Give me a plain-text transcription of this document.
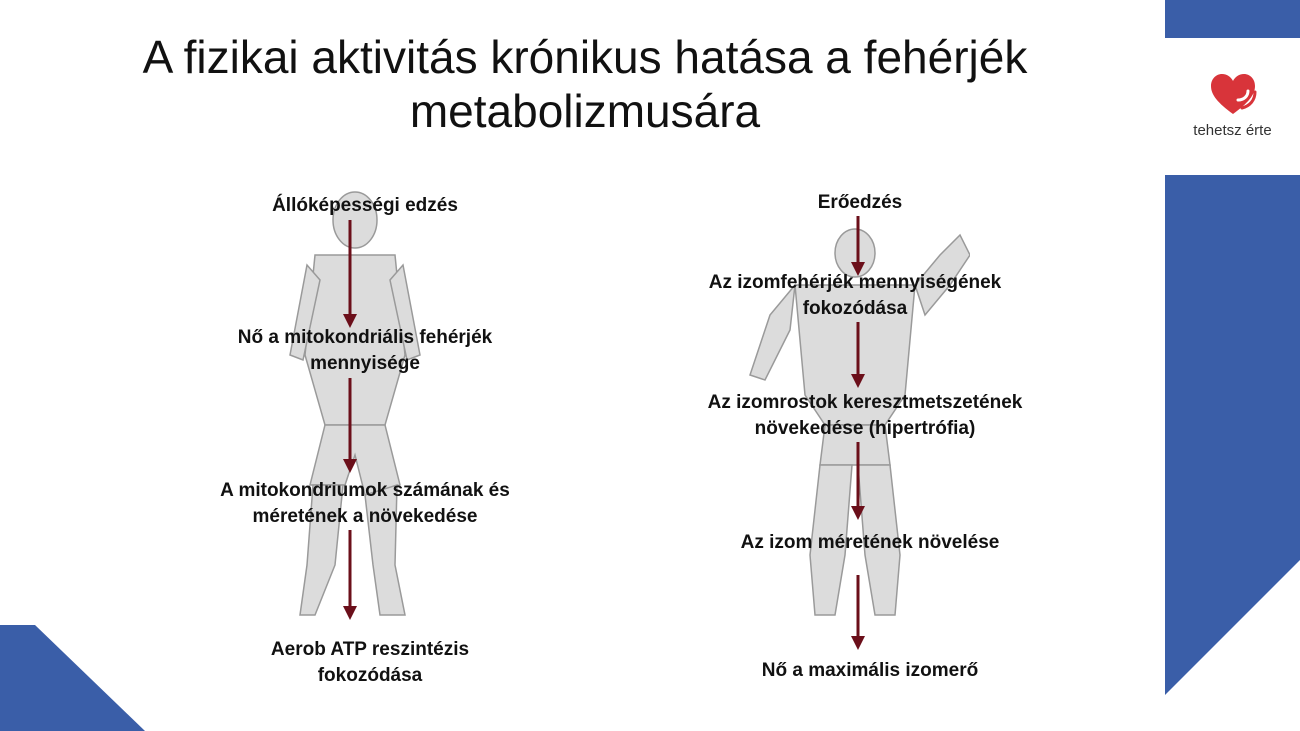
tehetsz érte
A fizikai aktivitás krónikus hatása a fehérjék
metabolizmusára
Állóképességi edzés
Nő a mitokondriális fehérjék mennyisége
A mitokondriumok számának és méretének a növekedése
Aerob ATP reszintézis fokozódása
Erőedzés
Az izomfehérjék mennyiségének fokozódása
Az izomrostok keresztmetszetének növekedése (hipertrófia)
Az izom méretének növelése
Nő a maximális izomerő
